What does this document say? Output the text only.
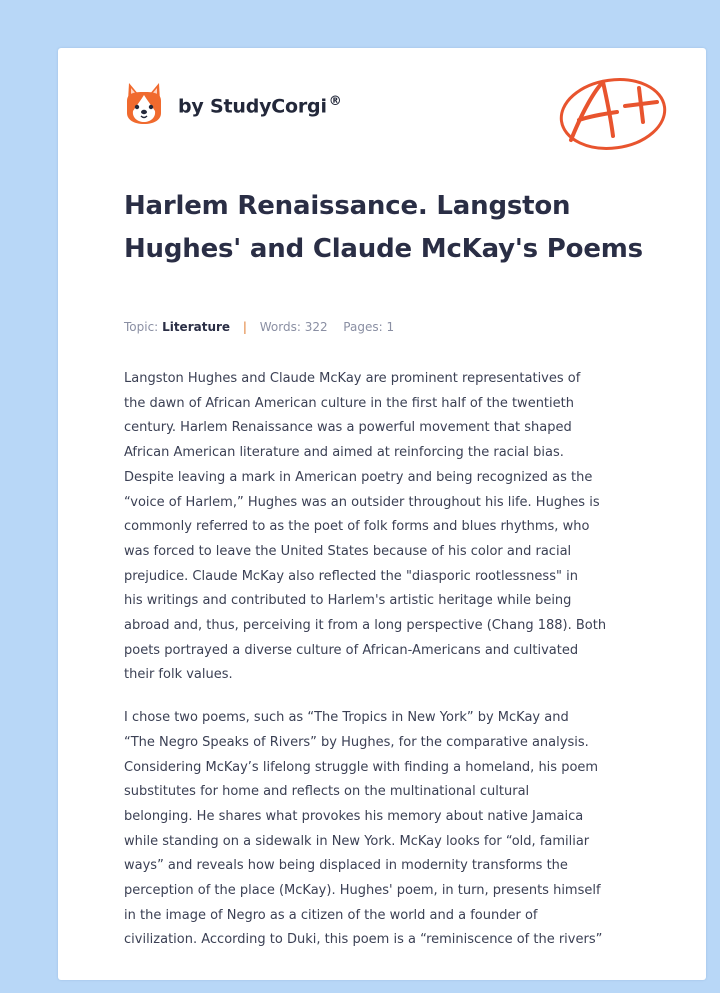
by StudyCorgi ®
Harlem Renaissance. Langston Hughes' and Claude McKay's Poems
Topic: Literature | Words: 322 Pages: 1

Langston Hughes and Claude McKay are prominent representatives of
the dawn of African American culture in the first half of the twentieth
century. Harlem Renaissance was a powerful movement that shaped
African American literature and aimed at reinforcing the racial bias.
Despite leaving a mark in American poetry and being recognized as the
“voice of Harlem,” Hughes was an outsider throughout his life. Hughes is
commonly referred to as the poet of folk forms and blues rhythms, who
was forced to leave the United States because of his color and racial
prejudice. Claude McKay also reflected the "diasporic rootlessness" in
his writings and contributed to Harlem's artistic heritage while being
abroad and, thus, perceiving it from a long perspective (Chang 188). Both
poets portrayed a diverse culture of African-Americans and cultivated
their folk values.

I chose two poems, such as “The Tropics in New York” by McKay and
“The Negro Speaks of Rivers” by Hughes, for the comparative analysis.
Considering McKay’s lifelong struggle with finding a homeland, his poem
substitutes for home and reflects on the multinational cultural
belonging. He shares what provokes his memory about native Jamaica
while standing on a sidewalk in New York. McKay looks for “old, familiar
ways” and reveals how being displaced in modernity transforms the
perception of the place (McKay). Hughes' poem, in turn, presents himself
in the image of Negro as a citizen of the world and a founder of
civilization. According to Duki, this poem is a “reminiscence of the rivers”
